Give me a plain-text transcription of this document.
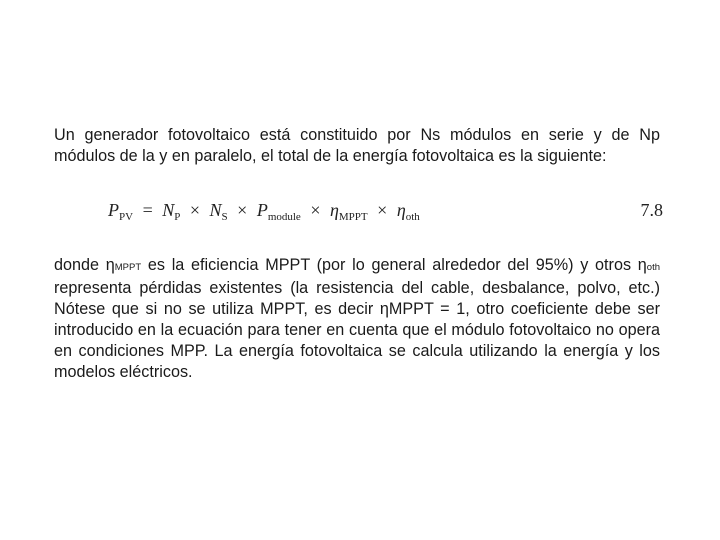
Un generador fotovoltaico está constituido por Ns módulos en serie y de Np módulos de la y en paralelo, el total de la energía fotovoltaica es la siguiente:

$P_{PV} = N_P \times N_S \times P_{module} \times \eta_{MPPT} \times \eta_{oth}$	7.8

donde ηMPPT es la eficiencia MPPT (por lo general alrededor del 95%) y otros ηoth representa pérdidas existentes (la resistencia del cable, desbalance, polvo, etc.) Nótese que si no se utiliza MPPT, es decir ηMPPT = 1, otro coeficiente debe ser introducido en la ecuación para tener en cuenta que el módulo fotovoltaico no opera en condiciones MPP. La energía fotovoltaica se calcula utilizando la energía y los modelos eléctricos.
